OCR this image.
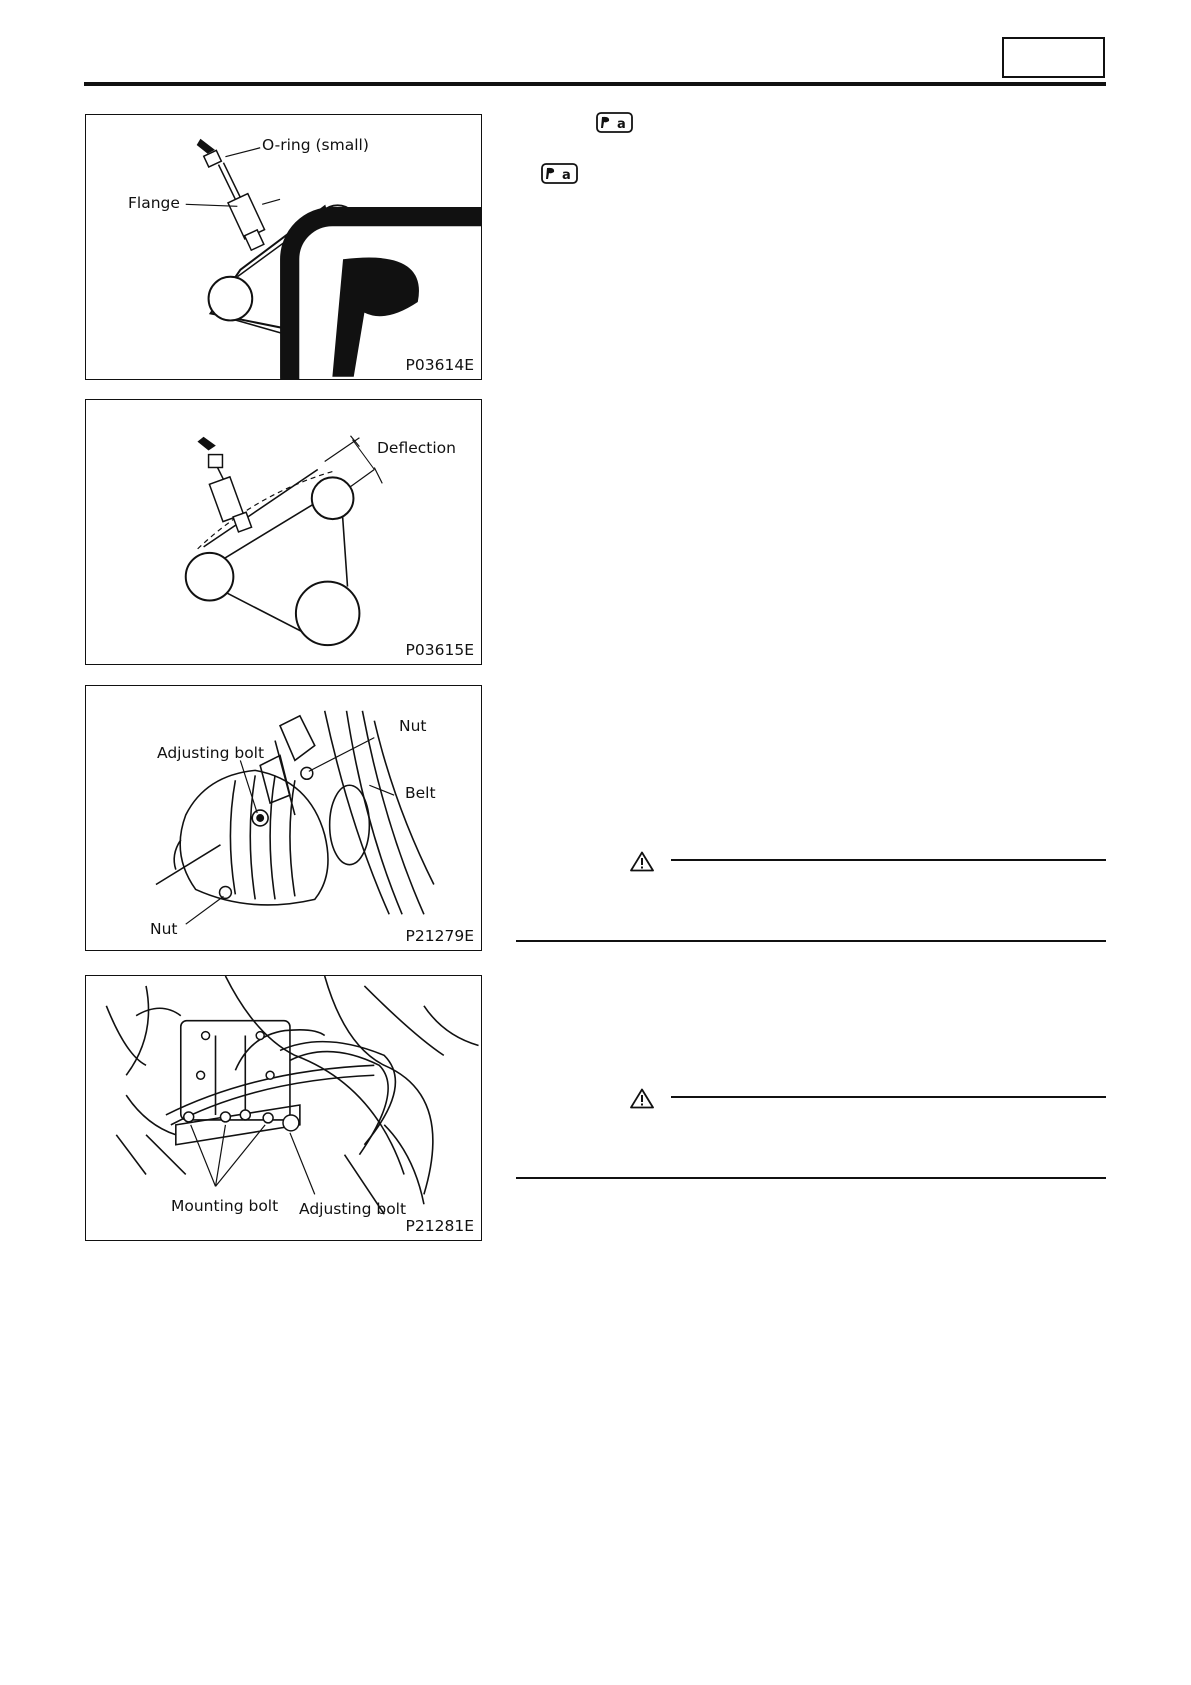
O-ring (small)
Flange
a
P03614E
Deflection
P03615E
Nut
Adjusting bolt
Belt
Nut	P21279E
Mounting bolt Adjusting bolt
P21281E
a
a
